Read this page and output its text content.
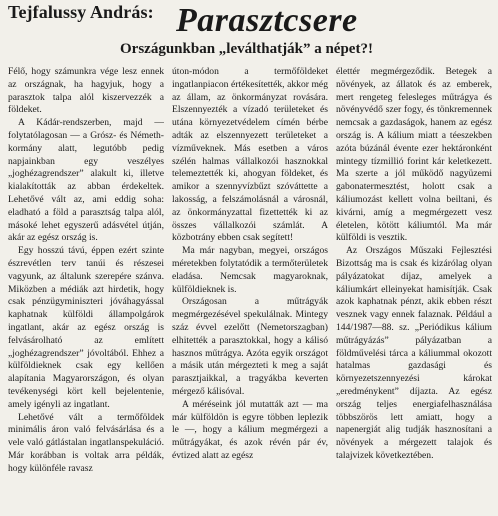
Tejfalussy András: Parasztcsere
Országunkban „leválthatják” a népet?!

Félő, hogy számunkra vége lesz ennek az országnak, ha hagyjuk, hogy a parasztok talpa alól kiszervezzék a földeket.

A Kádár-rendszerben, majd — folytatólagosan — a Grósz- és Németh-kormány alatt, legutóbb pedig napjainkban egy veszélyes „joghézagrendszer” alakult ki, illetve kialakították az abban érdekeltek. Lehetővé vált az, ami eddig soha: eladható a föld a parasztság talpa alól, másoké lehet egyszerű adásvétel útján, akár az egész ország is.

Egy hosszú távú, éppen ezért szinte észrevétlen terv tanúi és részesei vagyunk, az általunk szerepére szánva. Miközben a médiák azt hirdetik, hogy csak pénzügyminiszteri jóváhagyással kaphatnak külföldi állampolgárok ingatlant, akár az egész ország is felvásárolható az említett „joghézagrendszer” jóvoltából. Ehhez a külföldieknek csak egy kellően alapítania Magyarországon, és olyan tevékenységi kört kell bejelentenie, amely igényli az ingatlant.

Lehetővé vált a termőföldek minimális áron való felvásárlása és a vele való gátlástalan ingatlanspekuláció. Már korábban is voltak arra példák, hogy különféle ravasz

úton-módon a termőföldeket ingatlanpiacon értékesítették, akkor még az állam, az önkormányzat rovására. Elszennyezték a vízadó területeket és utána környezetvédelem címén bérbe adták az elszennyezett területeket a vízműveknek. Más esetben a város szélén halmas vállalkozói hasznokkal telemeztették ki, ahogyan földeket, és amikor a szennyvízbűzt szóváttette a lakosság, a felszámolásnál a városnál, az önkormányzattal fizettették ki az összes vállalkozói számlát. A közbotrány ebben csak segített!

Ma már nagyban, megyei, országos méretekben folytatódik a termőterületek eladása. Nemcsak magyaroknak, külföldieknek is.

Országosan a műtrágyák megmérgezésével spekulálnak. Mintegy száz évvel ezelőtt (Nemetorszagban) elhitették a parasztokkal, hogy a kálisó hasznos műtrágya. Azóta egyik országot a másik után mérgezteti k meg a saját parasztjaikkal, a tragyákba keverten mérgező kálisóval.

A méréseink jól mutatták azt — ma már külföldön is egyre többen leplezik le —, hogy a kálium megmérgezi a műtrágyákat, és azok révén pár év, évtized alatt az egész

élettér megmérgeződik. Betegek a növények, az állatok és az emberek, mert rengeteg felesleges műtrágya és növényvédő szer fogy, és tönkremennek nemcsak a gazdaságok, hanem az egész ország is. A kálium miatt a téeszekben azóta búzánál évente ezer hektáronként mintegy tízmillió forint kár keletkezett. Ma szerte a jól működő nagyüzemi gabonatermesztést, holott csak a káliumozást kellett volna beiltani, és kivárni, amíg a megmérgezett vesz életelen, kötött káliumtól. Ma már külföldi is vesztik.

Az Országos Műszaki Fejlesztési Bizottság ma is csak és kizárólag olyan pályázatokat díjaz, amelyek a káliumkárt elleinyekat hamisítják. Csak azok kaphatnak pénzt, akik ebben részt vesznek vagy ennek falaznak. Például a 144/1987—88. sz. „Periódikus kálium műtrágyázás” pályázatban a földművelési tárca a káliummal okozott hatalmas gazdasági és környezetszennyezési károkat „eredménykent” díjazta. Az egész ország teljes energiafelhasználása többszörös lett amiatt, hogy a napenergiát alig tudják hasznosítani a növények a mérgezett talajok és talajvizek következtében.
